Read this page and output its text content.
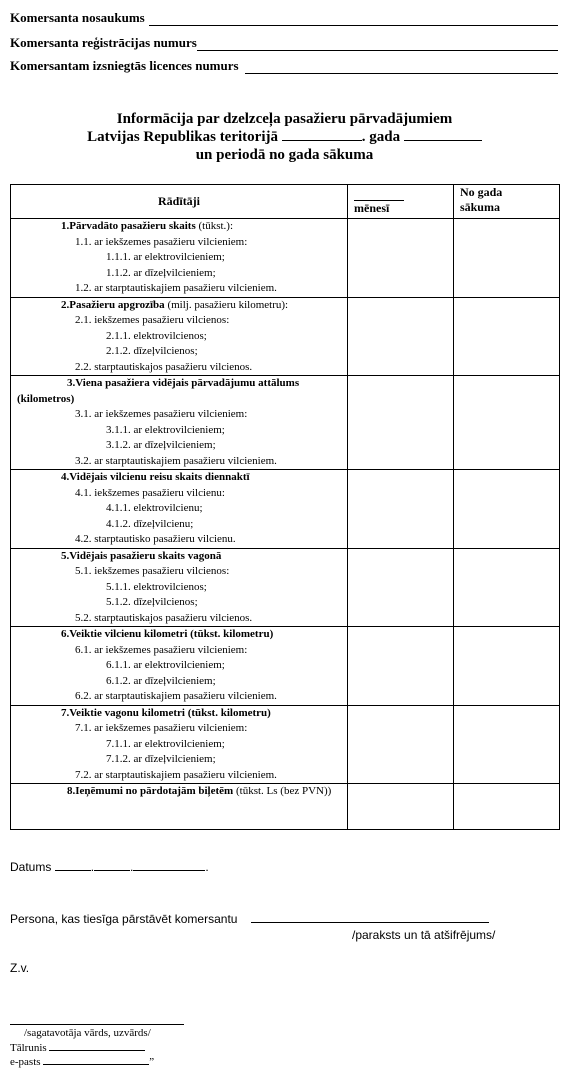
Komersanta nosaukums
Komersanta reģistrācijas numurs
Komersantam izsniegtās licences numurs
Informācija par dzelzceļa pasažieru pārvadājumiem
Latvijas Republikas teritorijā	. gada
un periodā no gada sākuma
Rādītāji	mēnesī	No gada
sākuma

1.Pārvadāto pasažieru skaits (tūkst.):
1.1. ar iekšzemes pasažieru vilcieniem:
1.1.1. ar elektrovilcieniem;
1.1.2. ar dīzeļvilcieniem;
1.2. ar starptautiskajiem pasažieru vilcieniem.		

2.Pasažieru apgrozība (milj. pasažieru kilometru):
2.1. iekšzemes pasažieru vilcienos:
2.1.1. elektrovilcienos;
2.1.2. dīzeļvilcienos;
2.2. starptautiskajos pasažieru vilcienos.		

3.Viena pasažiera vidējais pārvadājumu attālums (kilometros)
3.1. ar iekšzemes pasažieru vilcieniem:
3.1.1. ar elektrovilcieniem;
3.1.2. ar dīzeļvilcieniem;
3.2. ar starptautiskajiem pasažieru vilcieniem.		

4.Vidējais vilcienu reisu skaits diennaktī
4.1. iekšzemes pasažieru vilcienu:
4.1.1. elektrovilcienu;
4.1.2. dīzeļvilcienu;
4.2. starptautisko pasažieru vilcienu.		

5.Vidējais pasažieru skaits vagonā
5.1. iekšzemes pasažieru vilcienos:
5.1.1. elektrovilcienos;
5.1.2. dīzeļvilcienos;
5.2. starptautiskajos pasažieru vilcienos.		

6.Veiktie vilcienu kilometri (tūkst. kilometru)
6.1. ar iekšzemes pasažieru vilcieniem:
6.1.1. ar elektrovilcieniem;
6.1.2. ar dīzeļvilcieniem;
6.2. ar starptautiskajiem pasažieru vilcieniem.		

7.Veiktie vagonu kilometri (tūkst. kilometru)
7.1. ar iekšzemes pasažieru vilcieniem:
7.1.1. ar elektrovilcieniem;
7.1.2. ar dīzeļvilcieniem;
7.2. ar starptautiskajiem pasažieru vilcieniem.		

8.Ieņēmumi no pārdotajām biļetēm (tūkst. Ls (bez PVN))		

Datums	.	.	.
Persona, kas tiesīga pārstāvēt komersantu
/paraksts un tā atšifrējums/
Z.v.
/sagatavotāja vārds, uzvārds/
Tālrunis
e-pasts	”
